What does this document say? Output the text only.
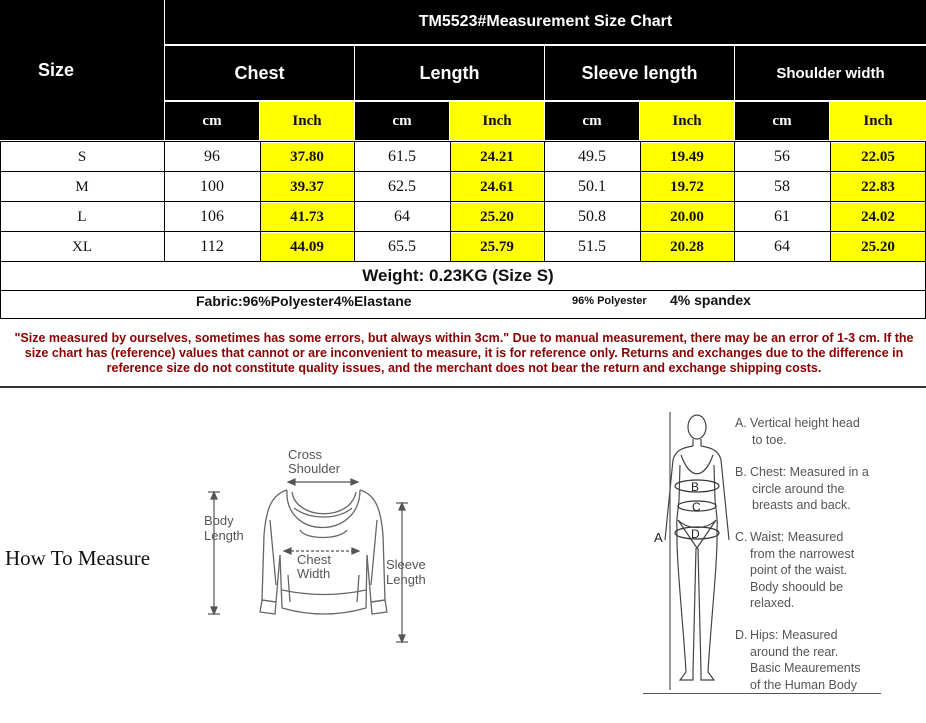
Size
TM5523#Measurement Size Chart
Chest	Length	Sleeve length	Shoulder width
cm	Inch	cm	Inch	cm	Inch	cm	Inch
S	96	37.80	61.5	24.21	49.5	19.49	56	22.05
M	100	39.37	62.5	24.61	50.1	19.72	58	22.83
L	106	41.73	64	25.20	50.8	20.00	61	24.02
XL	112	44.09	65.5	25.79	51.5	20.28	64	25.20
Weight: 0.23KG (Size S)
Fabric:96%Polyester4%Elastane	96% Polyester 4% spandex
"Size measured by ourselves, sometimes has some errors, but always within 3cm." Due to manual measurement, there may be an error of 1-3 cm. If the size chart has (reference) values that cannot or are inconvenient to measure, it is for reference only. Returns and exchanges due to the difference in reference size do not constitute quality issues, and the merchant does not bear the return and exchange shipping costs.
How To Measure
Cross
Shoulder
Body
Length
Chest
Width
Sleeve
Length
B
C
D
A
A. Vertical height head
to toe.
B. Chest: Measured in a
circle around the
breasts and back.
C. Waist: Measured
from the narrowest
point of the waist.
Body shoould be
relaxed.
D. Hips: Measured
around the rear.
Basic Meaurements
of the Human Body
